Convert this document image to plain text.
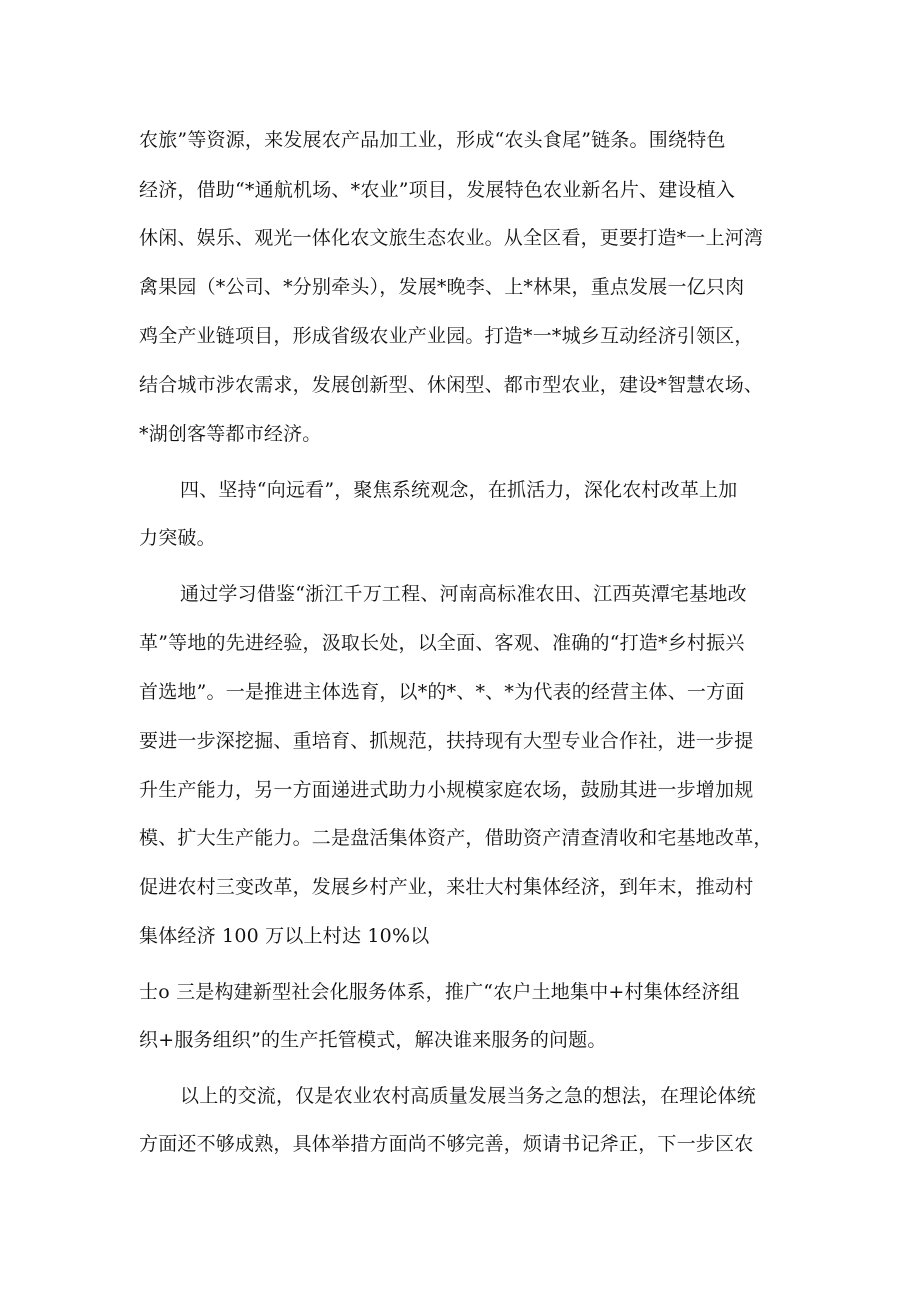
农旅”等资源，来发展农产品加工业，形成“农头食尾”链条。围绕特色
经济，借助“*通航机场、*农业”项目，发展特色农业新名片、建设植入
休闲、娱乐、观光一体化农文旅生态农业。从全区看，更要打造*一上河湾
禽果园（*公司、*分别牵头），发展*晚李、上*林果，重点发展一亿只肉
鸡全产业链项目，形成省级农业产业园。打造*一*城乡互动经济引领区，
结合城市涉农需求，发展创新型、休闲型、都市型农业，建设*智慧农场、
*湖创客等都市经济。
四、坚持“向远看”，聚焦系统观念，在抓活力，深化农村改革上加
力突破。
通过学习借鉴“浙江千万工程、河南高标准农田、江西英潭宅基地改
革”等地的先进经验，汲取长处，以全面、客观、准确的“打造*乡村振兴
首选地”。一是推进主体选育，以*的*、*、*为代表的经营主体、一方面
要进一步深挖掘、重培育、抓规范，扶持现有大型专业合作社，进一步提
升生产能力，另一方面递进式助力小规模家庭农场，鼓励其进一步增加规
模、扩大生产能力。二是盘活集体资产，借助资产清查清收和宅基地改革，
促进农村三变改革，发展乡村产业，来壮大村集体经济，到年末，推动村
集体经济 100 万以上村达 10%以
士o 三是构建新型社会化服务体系，推广“农户土地集中+村集体经济组
织+服务组织”的生产托管模式，解决谁来服务的问题。
以上的交流，仅是农业农村高质量发展当务之急的想法，在理论体统
方面还不够成熟，具体举措方面尚不够完善，烦请书记斧正，下一步区农
